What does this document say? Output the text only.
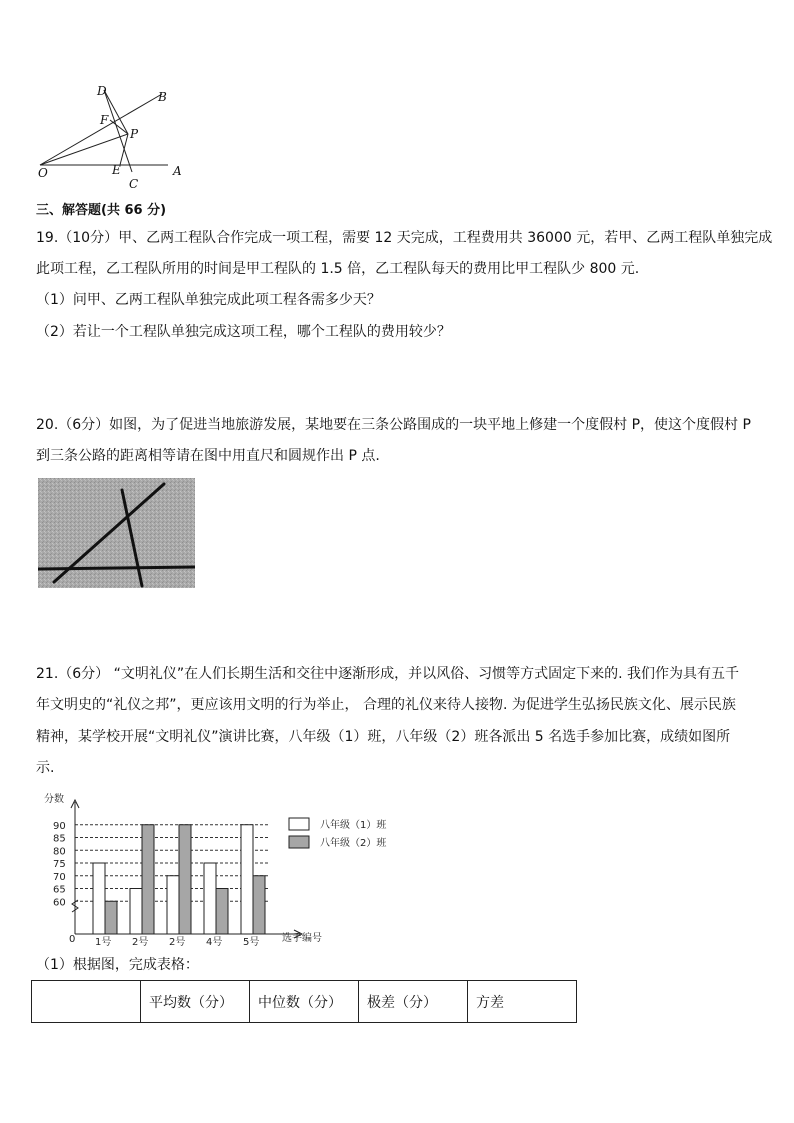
D	B
F
P
O	E
C
A
三、解答题(共 66 分)
19.（10分）甲、乙两工程队合作完成一项工程，需要 12 天完成，工程费用共 36000 元，若甲、乙两工程队单独完成
此项工程，乙工程队所用的时间是甲工程队的 1.5 倍，乙工程队每天的费用比甲工程队少 800 元.
（1）问甲、乙两工程队单独完成此项工程各需多少天？
（2）若让一个工程队单独完成这项工程，哪个工程队的费用较少？
20.（6分）如图，为了促进当地旅游发展，某地要在三条公路围成的一块平地上修建一个度假村 P，使这个度假村 P
到三条公路的距离相等请在图中用直尺和圆规作出 P 点.
21.（6分） “文明礼仪”在人们长期生活和交往中逐渐形成，并以风俗、习惯等方式固定下来的. 我们作为具有五千
年文明史的“礼仪之邦”，更应该用文明的行为举止， 合理的礼仪来待人接物. 为促进学生弘扬民族文化、展示民族
精神，某学校开展“文明礼仪”演讲比赛，八年级（1）班，八年级（2）班各派出 5 名选手参加比赛，成绩如图所
示.
分数
选手编号
0
60
65
70
75
80
85
90
1号 2号 2号 4号 5号
八年级（1）班
八年级（2）班
（1）根据图，完成表格：
	平均数（分）	中位数（分）	极差（分）	方差
